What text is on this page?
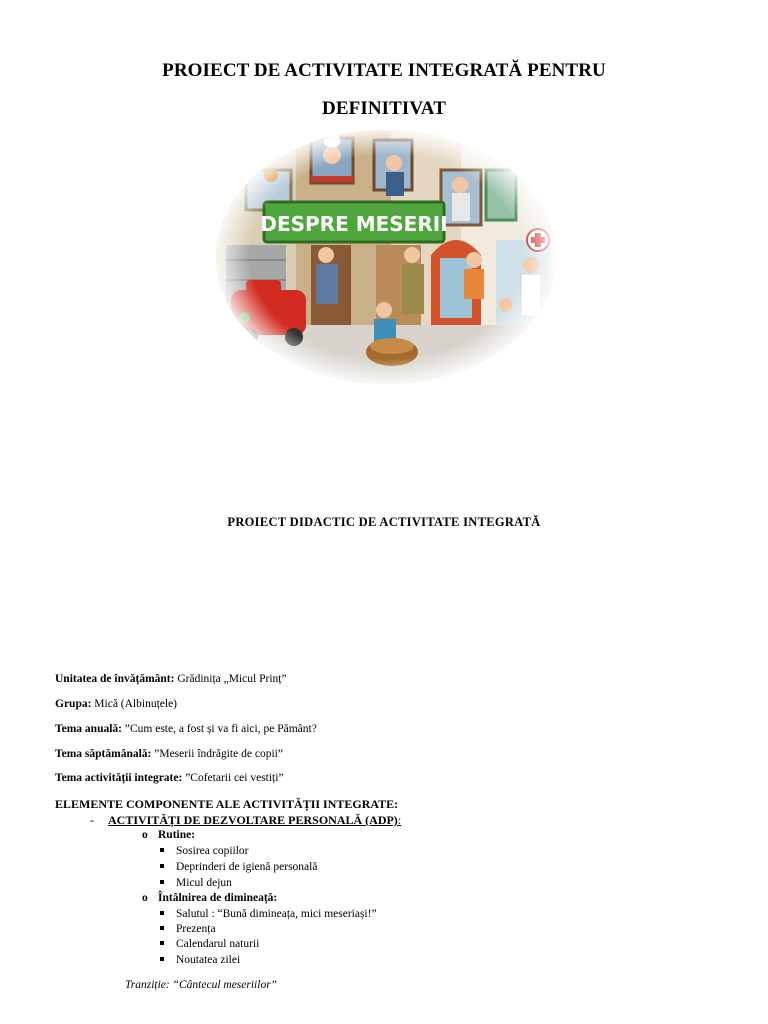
PROIECT DE ACTIVITATE INTEGRATĂ PENTRU
DEFINITIVAT
PROIECT DIDACTIC DE ACTIVITATE INTEGRATĂ
Unitatea de învățământ: Grădinița „Micul Prinț”
Grupa: Mică (Albinuțele)
Tema anuală: ”Cum este, a fost și va fi aici, pe Pământ?
Tema săptămânală: ”Meserii îndrăgite de copii”
Tema activității integrate: ”Cofetarii cei vestiți”
ELEMENTE COMPONENTE ALE ACTIVITĂȚII INTEGRATE:
- ACTIVITĂȚI DE DEZVOLTARE PERSONALĂ (ADP):
o Rutine:
Sosirea copiilor
Deprinderi de igienă personală
Micul dejun
o Întâlnirea de dimineață:
Salutul : “Bună dimineața, mici meseriași!”
Prezența
Calendarul naturii
Noutatea zilei
Tranziție: “Cântecul meseriilor”
